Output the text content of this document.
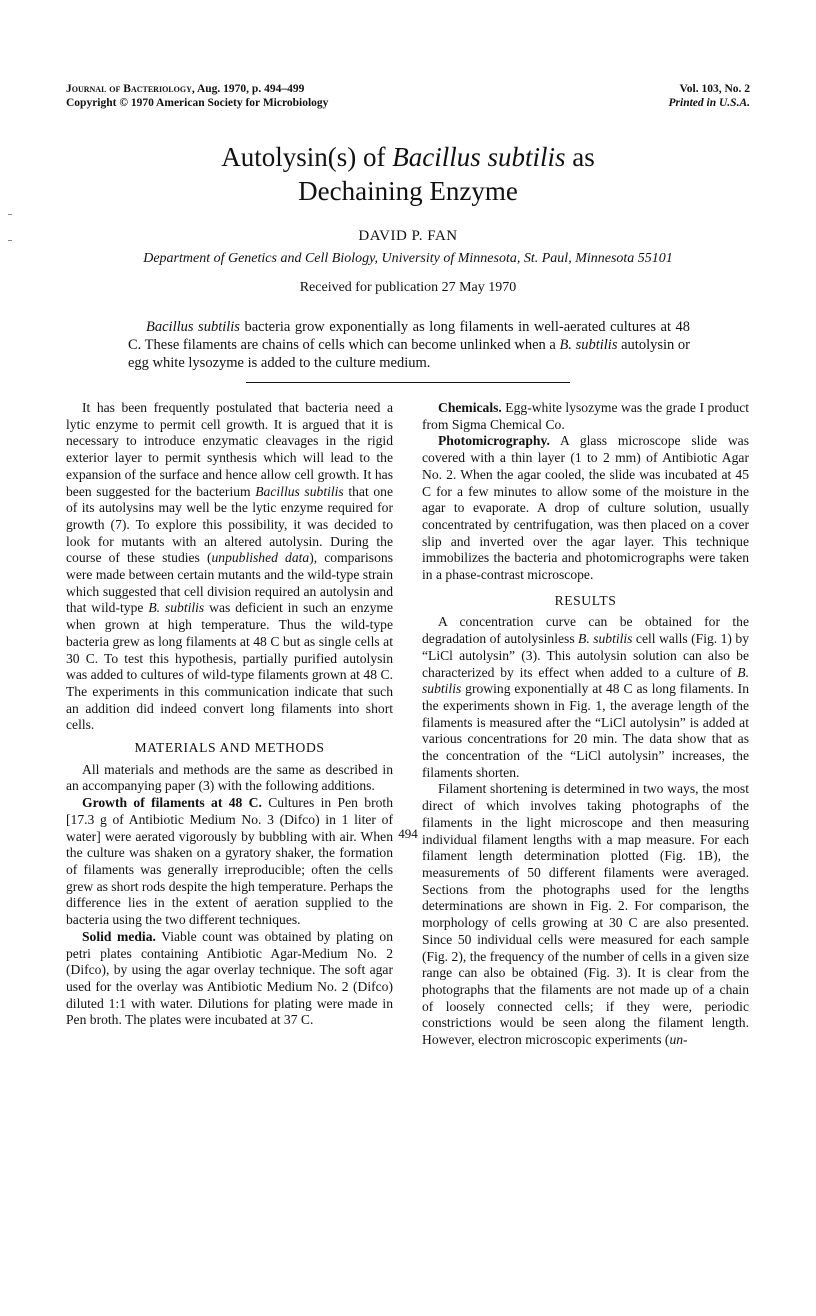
Journal of Bacteriology, Aug. 1970, p. 494–499
Copyright © 1970 American Society for Microbiology
Vol. 103, No. 2
Printed in U.S.A.
Autolysin(s) of Bacillus subtilis as
Dechaining Enzyme
DAVID P. FAN
Department of Genetics and Cell Biology, University of Minnesota, St. Paul, Minnesota 55101
Received for publication 27 May 1970
Bacillus subtilis bacteria grow exponentially as long filaments in well-aerated cultures at 48 C. These filaments are chains of cells which can become unlinked when a B. subtilis autolysin or egg white lysozyme is added to the culture medium.

It has been frequently postulated that bacteria need a lytic enzyme to permit cell growth. It is argued that it is necessary to introduce enzymatic cleavages in the rigid exterior layer to permit synthesis which will lead to the expansion of the surface and hence allow cell growth. It has been suggested for the bacterium Bacillus subtilis that one of its autolysins may well be the lytic enzyme required for growth (7). To explore this possibility, it was decided to look for mutants with an altered autolysin. During the course of these studies (unpublished data), comparisons were made between certain mutants and the wild-type strain which suggested that cell division required an autolysin and that wild-type B. subtilis was deficient in such an enzyme when grown at high temperature. Thus the wild-type bacteria grew as long filaments at 48 C but as single cells at 30 C. To test this hypothesis, partially purified autolysin was added to cultures of wild-type filaments grown at 48 C. The experiments in this communication indicate that such an addition did indeed convert long filaments into short cells.

MATERIALS AND METHODS

All materials and methods are the same as described in an accompanying paper (3) with the following additions.

Growth of filaments at 48 C. Cultures in Pen broth [17.3 g of Antibiotic Medium No. 3 (Difco) in 1 liter of water] were aerated vigorously by bubbling with air. When the culture was shaken on a gyratory shaker, the formation of filaments was generally irreproducible; often the cells grew as short rods despite the high temperature. Perhaps the difference lies in the extent of aeration supplied to the bacteria using the two different techniques.

Solid media. Viable count was obtained by plating on petri plates containing Antibiotic Agar-Medium No. 2 (Difco), by using the agar overlay technique. The soft agar used for the overlay was Antibiotic Medium No. 2 (Difco) diluted 1:1 with water. Dilutions for plating were made in Pen broth. The plates were incubated at 37 C.

Chemicals. Egg-white lysozyme was the grade I product from Sigma Chemical Co.

Photomicrography. A glass microscope slide was covered with a thin layer (1 to 2 mm) of Antibiotic Agar No. 2. When the agar cooled, the slide was incubated at 45 C for a few minutes to allow some of the moisture in the agar to evaporate. A drop of culture solution, usually concentrated by centrifugation, was then placed on a cover slip and inverted over the agar layer. This technique immobilizes the bacteria and photomicrographs were taken in a phase-contrast microscope.

RESULTS

A concentration curve can be obtained for the degradation of autolysinless B. subtilis cell walls (Fig. 1) by “LiCl autolysin” (3). This autolysin solution can also be characterized by its effect when added to a culture of B. subtilis growing exponentially at 48 C as long filaments. In the experiments shown in Fig. 1, the average length of the filaments is measured after the “LiCl autolysin” is added at various concentrations for 20 min. The data show that as the concentration of the “LiCl autolysin” increases, the filaments shorten.

Filament shortening is determined in two ways, the most direct of which involves taking photographs of the filaments in the light microscope and then measuring individual filament lengths with a map measure. For each filament length determination plotted (Fig. 1B), the measurements of 50 different filaments were averaged. Sections from the photographs used for the lengths determinations are shown in Fig. 2. For comparison, the morphology of cells growing at 30 C are also presented. Since 50 individual cells were measured for each sample (Fig. 2), the frequency of the number of cells in a given size range can also be obtained (Fig. 3). It is clear from the photographs that the filaments are not made up of a chain of loosely connected cells; if they were, periodic constrictions would be seen along the filament length. However, electron microscopic experiments (un-

494
